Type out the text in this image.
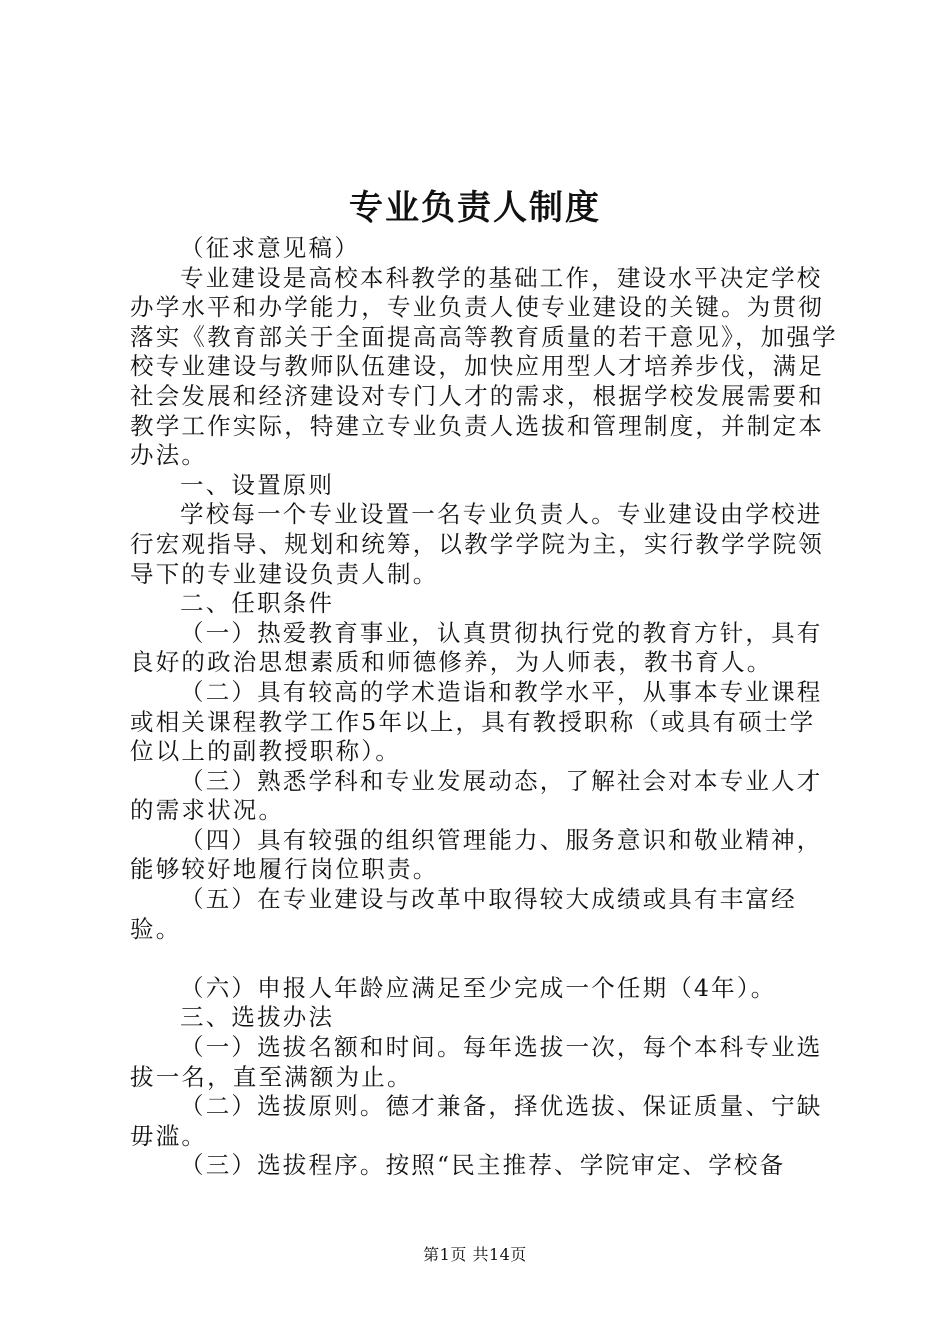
专业负责人制度

（征求意见稿）

专业建设是高校本科教学的基础工作，建设水平决定学校办学水平和办学能力，专业负责人使专业建设的关键。为贯彻落实《教育部关于全面提高高等教育质量的若干意见》，加强学校专业建设与教师队伍建设，加快应用型人才培养步伐，满足社会发展和经济建设对专门人才的需求，根据学校发展需要和教学工作实际，特建立专业负责人选拔和管理制度，并制定本办法。

一、设置原则

学校每一个专业设置一名专业负责人。专业建设由学校进行宏观指导、规划和统筹，以教学学院为主，实行教学学院领导下的专业建设负责人制。

二、任职条件

（一）热爱教育事业，认真贯彻执行党的教育方针，具有良好的政治思想素质和师德修养，为人师表，教书育人。

（二）具有较高的学术造诣和教学水平，从事本专业课程或相关课程教学工作5年以上，具有教授职称（或具有硕士学位以上的副教授职称）。

（三）熟悉学科和专业发展动态，了解社会对本专业人才的需求状况。

（四）具有较强的组织管理能力、服务意识和敬业精神，能够较好地履行岗位职责。

（五）在专业建设与改革中取得较大成绩或具有丰富经验。

（六）申报人年龄应满足至少完成一个任期（4年）。

三、选拔办法

（一）选拔名额和时间。每年选拔一次，每个本科专业选拔一名，直至满额为止。

（二）选拔原则。德才兼备，择优选拔、保证质量、宁缺毋滥。

（三）选拔程序。按照“民主推荐、学院审定、学校备

第1页 共14页
